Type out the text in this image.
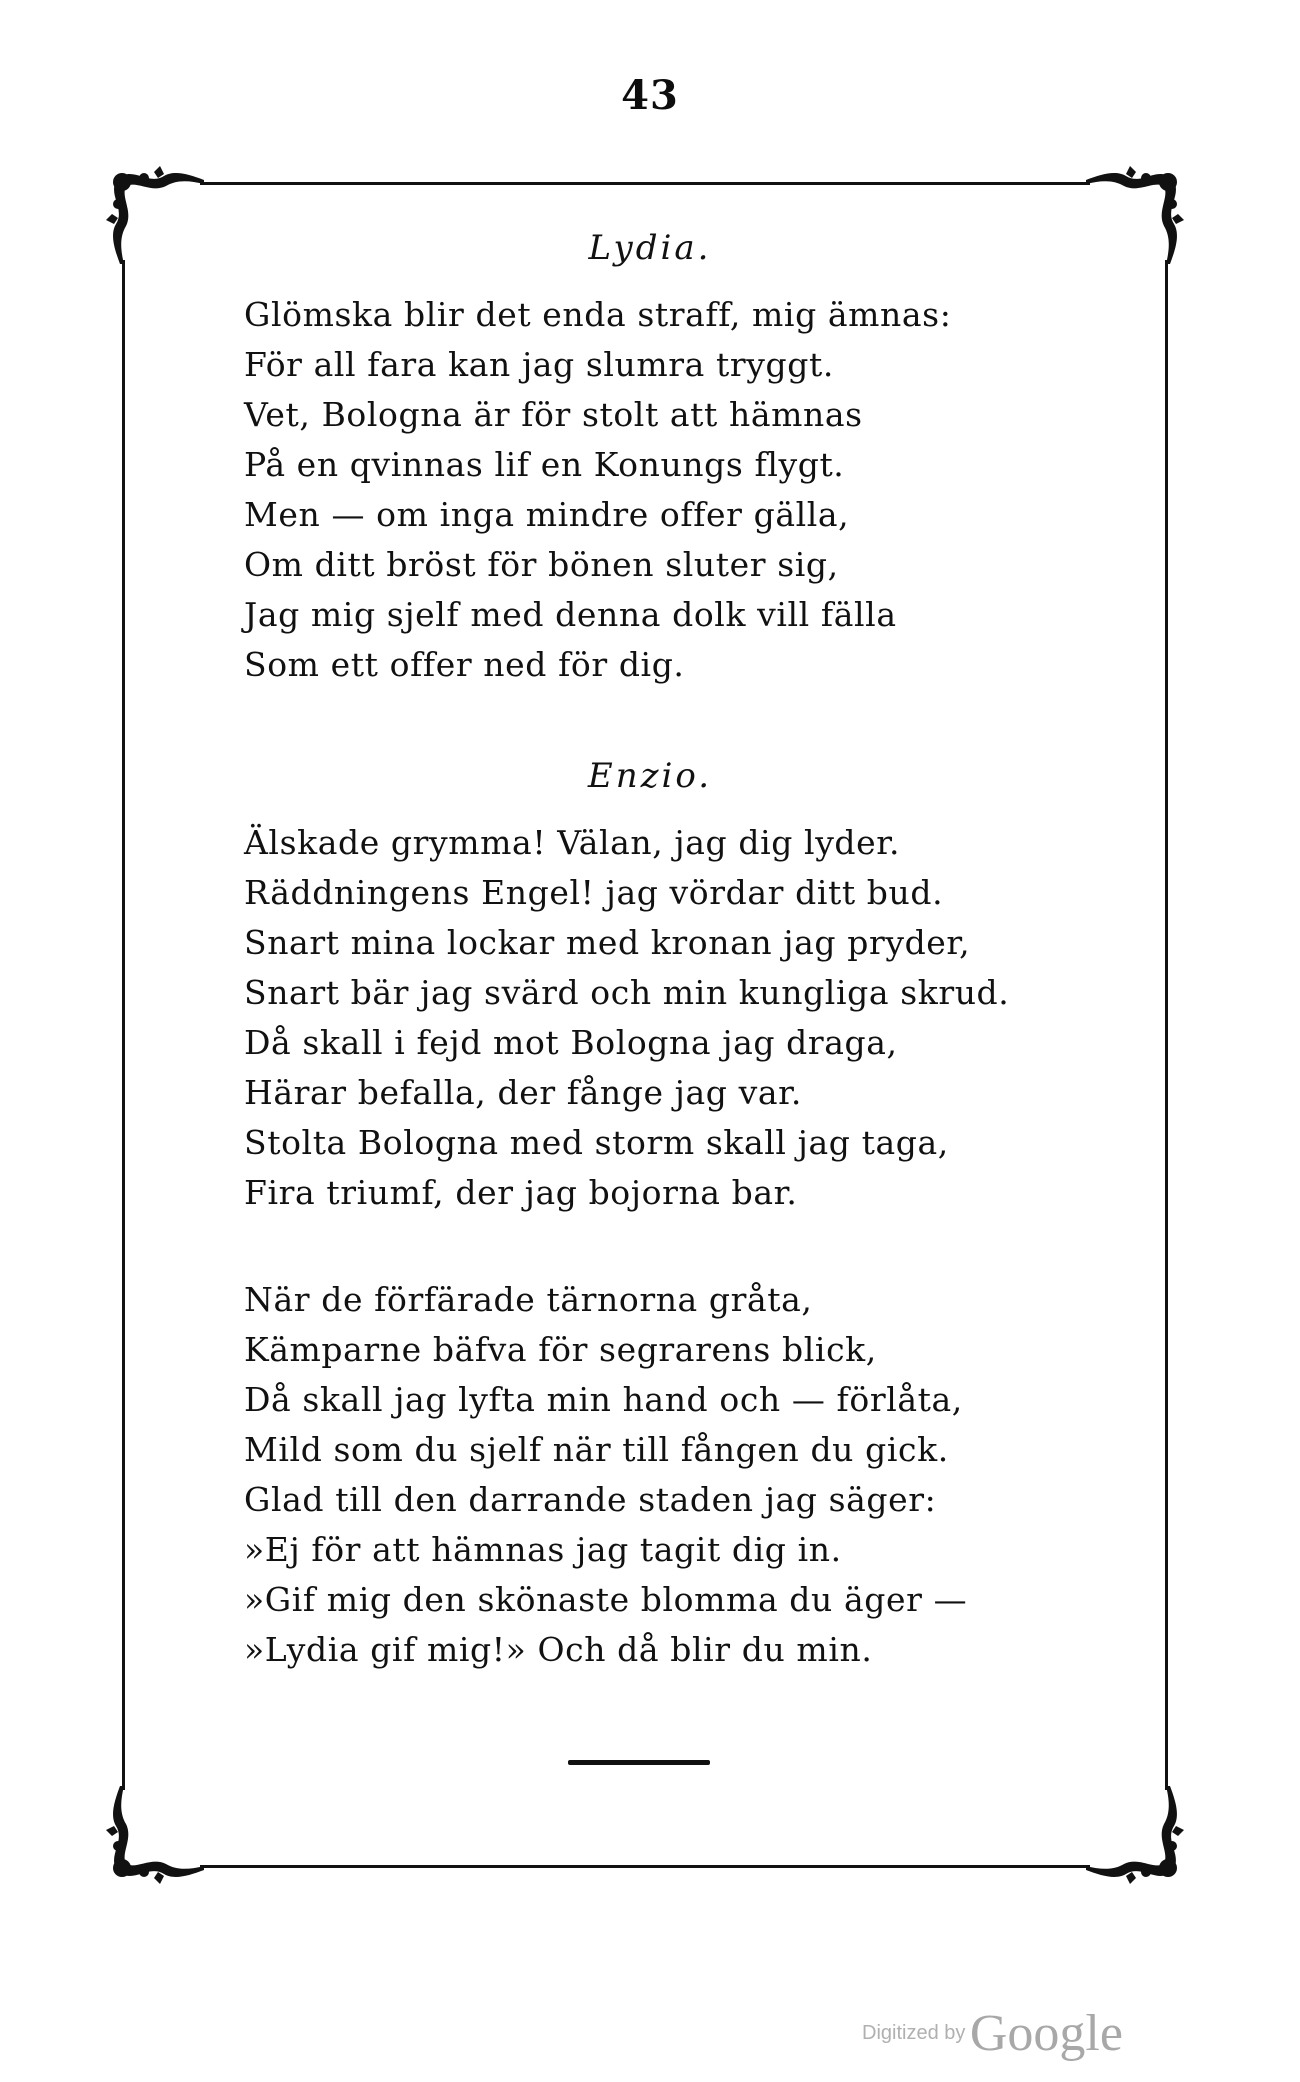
43
Lydia.
Glömska blir det enda straff, mig ämnas:
För all fara kan jag slumra tryggt.
Vet, Bologna är för stolt att hämnas
På en qvinnas lif en Konungs flygt.
Men — om inga mindre offer gälla,
Om ditt bröst för bönen sluter sig,
Jag mig sjelf med denna dolk vill fälla
Som ett offer ned för dig.
Enzio.
Älskade grymma! Välan, jag dig lyder.
Räddningens Engel! jag vördar ditt bud.
Snart mina lockar med kronan jag pryder,
Snart bär jag svärd och min kungliga skrud.
Då skall i fejd mot Bologna jag draga,
Härar befalla, der fånge jag var.
Stolta Bologna med storm skall jag taga,
Fira triumf, der jag bojorna bar.
När de förfärade tärnorna gråta,
Kämparne bäfva för segrarens blick,
Då skall jag lyfta min hand och — förlåta,
Mild som du sjelf när till fången du gick.
Glad till den darrande staden jag säger:
»Ej för att hämnas jag tagit dig in.
»Gif mig den skönaste blomma du äger —
»Lydia gif mig!» Och då blir du min.
Digitized by Google
